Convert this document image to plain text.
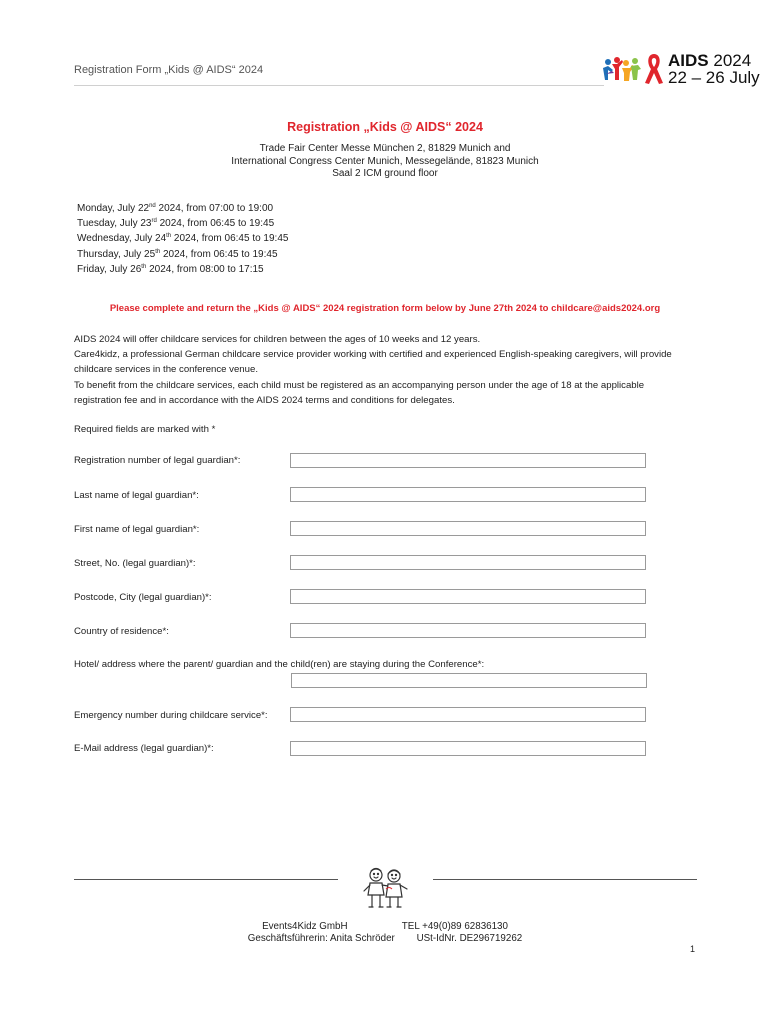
Registration Form „Kids @ AIDS“ 2024	AIDS 2024
22 – 26 July
Registration „Kids @ AIDS“ 2024
Trade Fair Center Messe München 2, 81829 Munich and
International Congress Center Munich, Messegelände, 81823 Munich
Saal 2 ICM ground floor
Monday, July 22nd 2024, from 07:00 to 19:00
Tuesday, July 23rd 2024, from 06:45 to 19:45
Wednesday, July 24th 2024, from 06:45 to 19:45
Thursday, July 25th 2024, from 06:45 to 19:45
Friday, July 26th 2024, from 08:00 to 17:15
Please complete and return the „Kids @ AIDS“ 2024 registration form below by June 27th 2024 to childcare@aids2024.org

AIDS 2024 will offer childcare services for children between the ages of 10 weeks and 12 years.

Care4kidz, a professional German childcare service provider working with certified and experienced English-speaking caregivers, will provide childcare services in the conference venue.

To benefit from the childcare services, each child must be registered as an accompanying person under the age of 18 at the applicable registration fee and in accordance with the AIDS 2024 terms and conditions for delegates.

Required fields are marked with *
Registration number of legal guardian*:
Last name of legal guardian*:
First name of legal guardian*:
Street, No. (legal guardian)*:
Postcode, City (legal guardian)*:
Country of residence*:
Hotel/ address where the parent/ guardian and the child(ren) are staying during the Conference*:
Emergency number during childcare service*:
E-Mail address (legal guardian)*:
Events4Kidz GmbH                    TEL +49(0)89 62836130
Geschäftsführerin: Anita Schröder        USt-IdNr. DE296719262
1
